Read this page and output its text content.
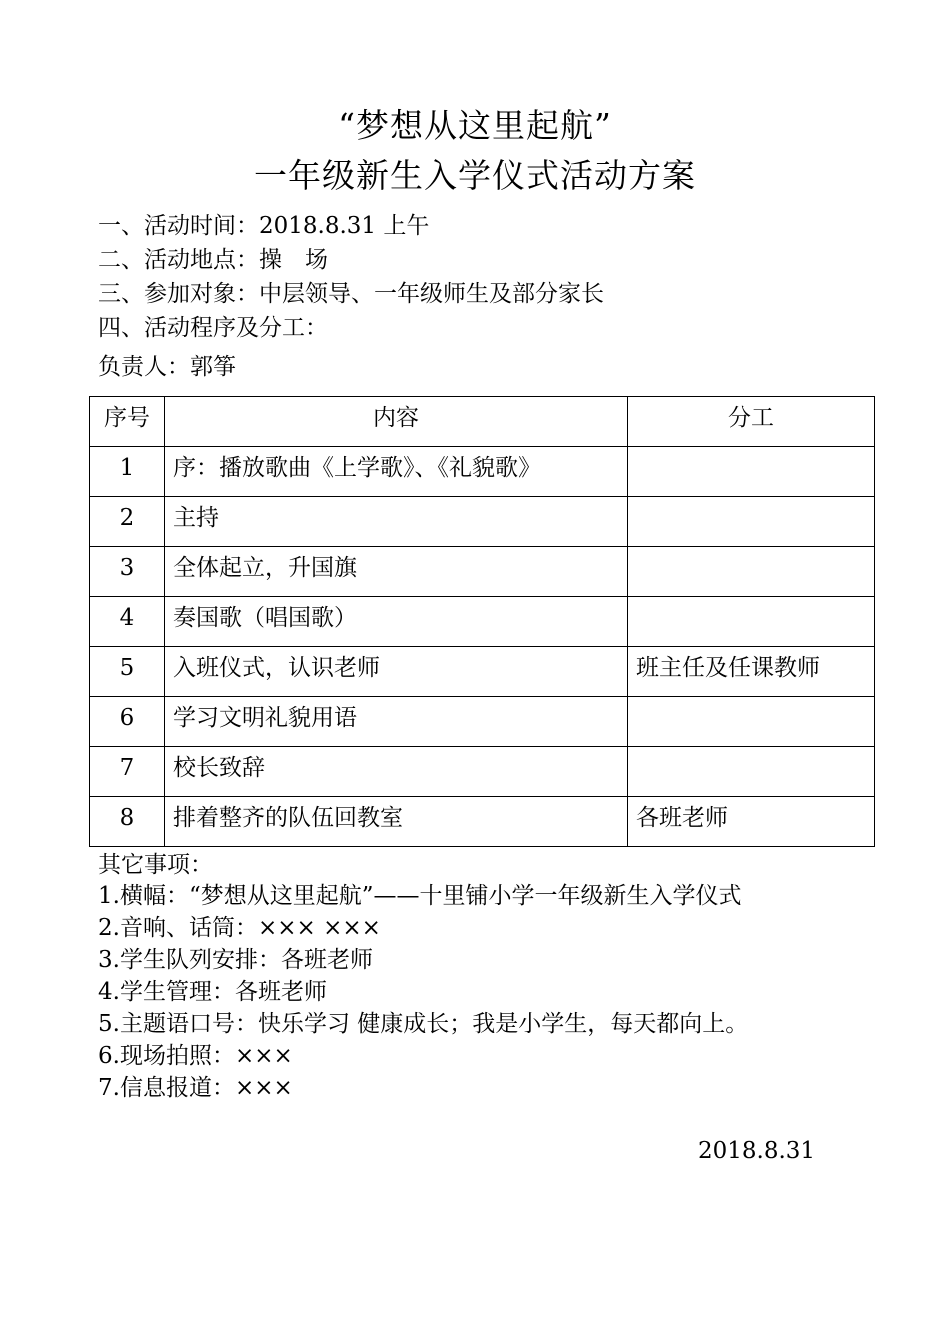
“梦想从这里起航”
一年级新生入学仪式活动方案
一、活动时间：2018.8.31 上午
二、活动地点：操　场
三、参加对象：中层领导、一年级师生及部分家长
四、活动程序及分工：
负责人：郭筝
序号	内容	分工
1	序：播放歌曲《上学歌》、《礼貌歌》	
2	主持	
3	全体起立，升国旗	
4	奏国歌（唱国歌）	
5	入班仪式，认识老师	班主任及任课教师
6	学习文明礼貌用语	
7	校长致辞	
8	排着整齐的队伍回教室	各班老师
其它事项：
1.横幅：“梦想从这里起航”——十里铺小学一年级新生入学仪式
2.音响、话筒：××× ×××
3.学生队列安排：各班老师
4.学生管理：各班老师
5.主题语口号：快乐学习 健康成长；我是小学生，每天都向上。
6.现场拍照：×××
7.信息报道：×××
2018.8.31
